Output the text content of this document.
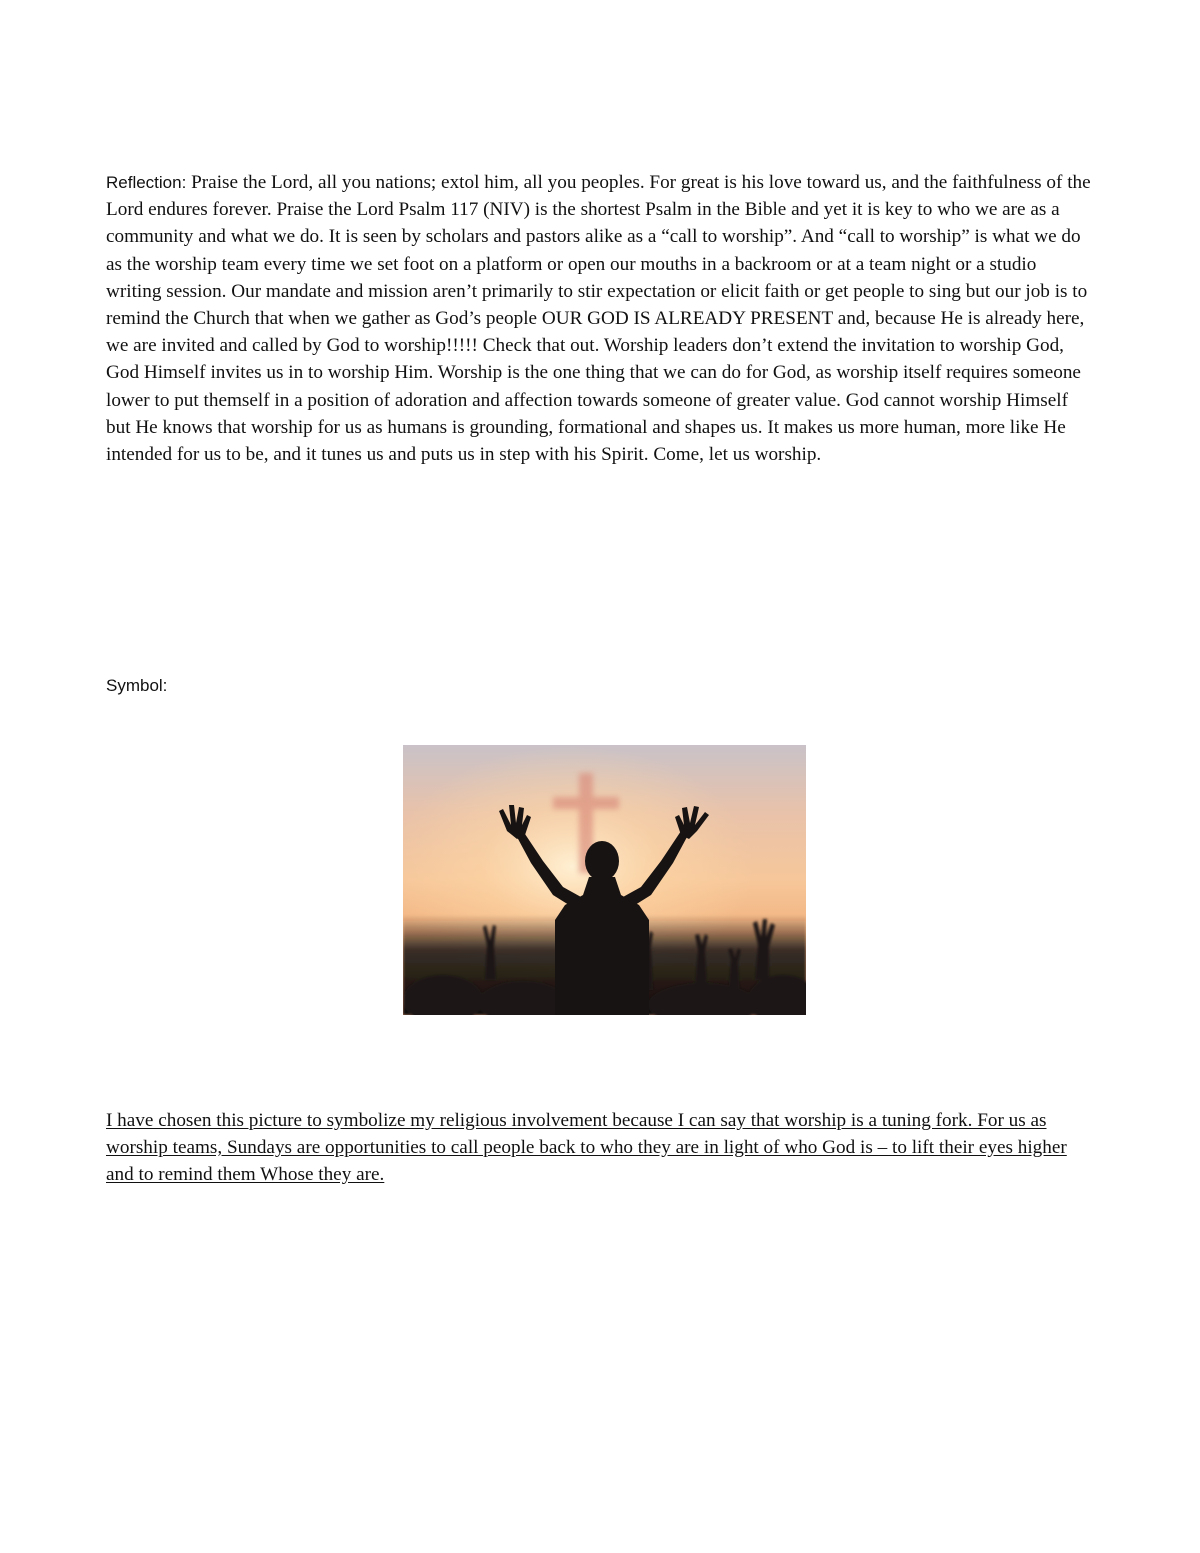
Reflection: Praise the Lord, all you nations; extol him, all you peoples. For great is his love toward us, and the faithfulness of the Lord endures forever. Praise the Lord Psalm 117 (NIV) is the shortest Psalm in the Bible and yet it is key to who we are as a community and what we do. It is seen by scholars and pastors alike as a “call to worship”. And “call to worship” is what we do as the worship team every time we set foot on a platform or open our mouths in a backroom or at a team night or a studio writing session. Our mandate and mission aren’t primarily to stir expectation or elicit faith or get people to sing but our job is to remind the Church that when we gather as God’s people OUR GOD IS ALREADY PRESENT and, because He is already here, we are invited and called by God to worship!!!!! Check that out. Worship leaders don’t extend the invitation to worship God, God Himself invites us in to worship Him. Worship is the one thing that we can do for God, as worship itself requires someone lower to put themself in a position of adoration and affection towards someone of greater value. God cannot worship Himself but He knows that worship for us as humans is grounding, formational and shapes us. It makes us more human, more like He intended for us to be, and it tunes us and puts us in step with his Spirit. Come, let us worship.

Symbol:

I have chosen this picture to symbolize my religious involvement because I can say that worship is a tuning fork. For us as worship teams, Sundays are opportunities to call people back to who they are in light of who God is – to lift their eyes higher and to remind them Whose they are.
